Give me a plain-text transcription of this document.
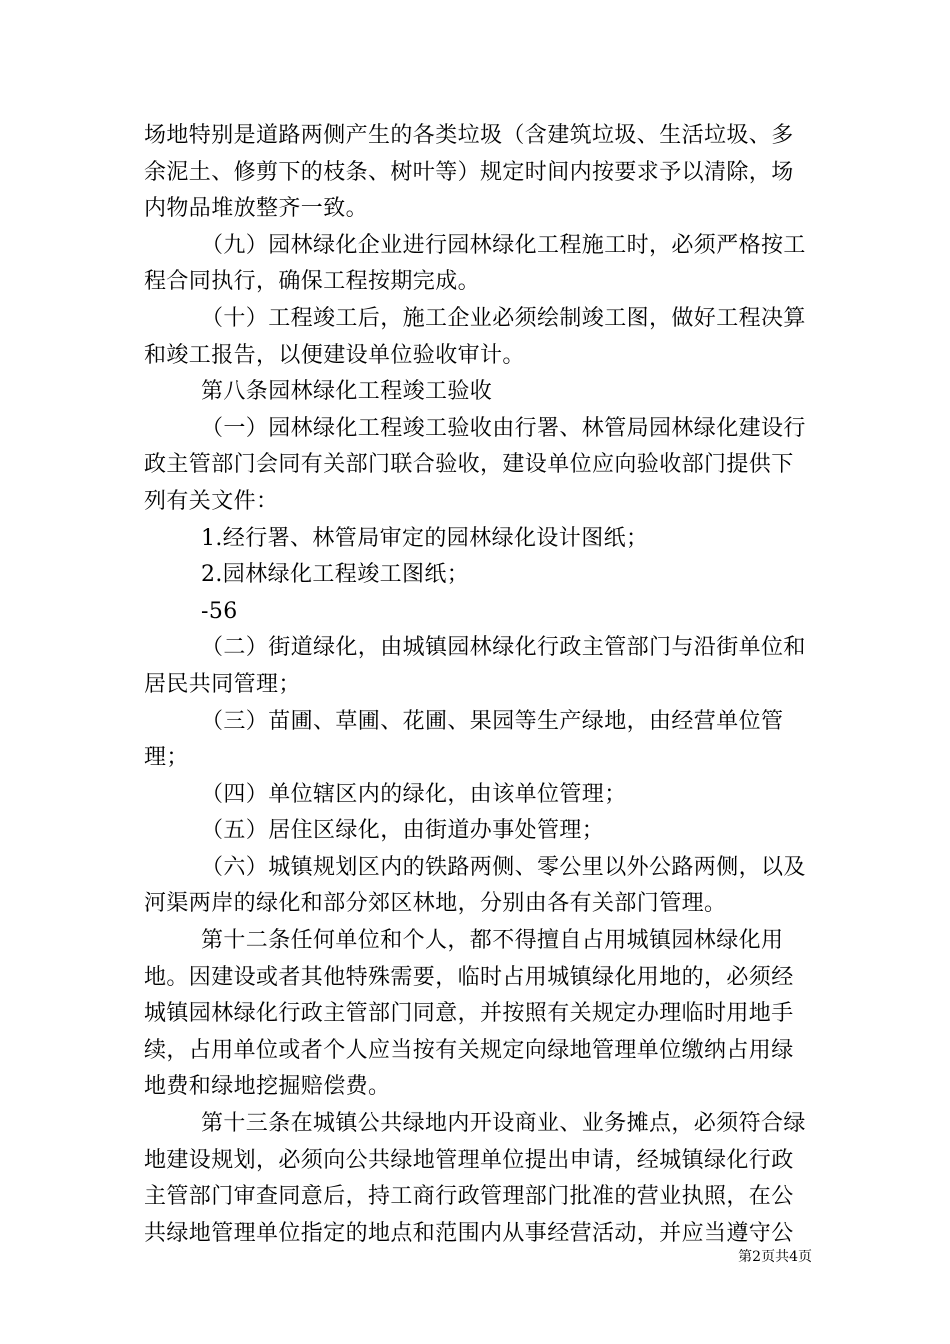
场地特别是道路两侧产生的各类垃圾（含建筑垃圾、生活垃圾、多余泥土、修剪下的枝条、树叶等）规定时间内按要求予以清除，场内物品堆放整齐一致。

（九）园林绿化企业进行园林绿化工程施工时，必须严格按工程合同执行，确保工程按期完成。

（十）工程竣工后，施工企业必须绘制竣工图，做好工程决算和竣工报告，以便建设单位验收审计。

第八条园林绿化工程竣工验收

（一）园林绿化工程竣工验收由行署、林管局园林绿化建设行政主管部门会同有关部门联合验收，建设单位应向验收部门提供下列有关文件：

1.经行署、林管局审定的园林绿化设计图纸；

2.园林绿化工程竣工图纸；

-56

（二）街道绿化，由城镇园林绿化行政主管部门与沿街单位和居民共同管理；

（三）苗圃、草圃、花圃、果园等生产绿地，由经营单位管理；

（四）单位辖区内的绿化，由该单位管理；

（五）居住区绿化，由街道办事处管理；

（六）城镇规划区内的铁路两侧、零公里以外公路两侧，以及河渠两岸的绿化和部分郊区林地，分别由各有关部门管理。

第十二条任何单位和个人，都不得擅自占用城镇园林绿化用地。因建设或者其他特殊需要，临时占用城镇绿化用地的，必须经城镇园林绿化行政主管部门同意，并按照有关规定办理临时用地手续，占用单位或者个人应当按有关规定向绿地管理单位缴纳占用绿地费和绿地挖掘赔偿费。

第十三条在城镇公共绿地内开设商业、业务摊点，必须符合绿地建设规划，必须向公共绿地管理单位提出申请，经城镇绿化行政主管部门审查同意后，持工商行政管理部门批准的营业执照，在公共绿地管理单位指定的地点和范围内从事经营活动，并应当遵守公

第2页共4页
